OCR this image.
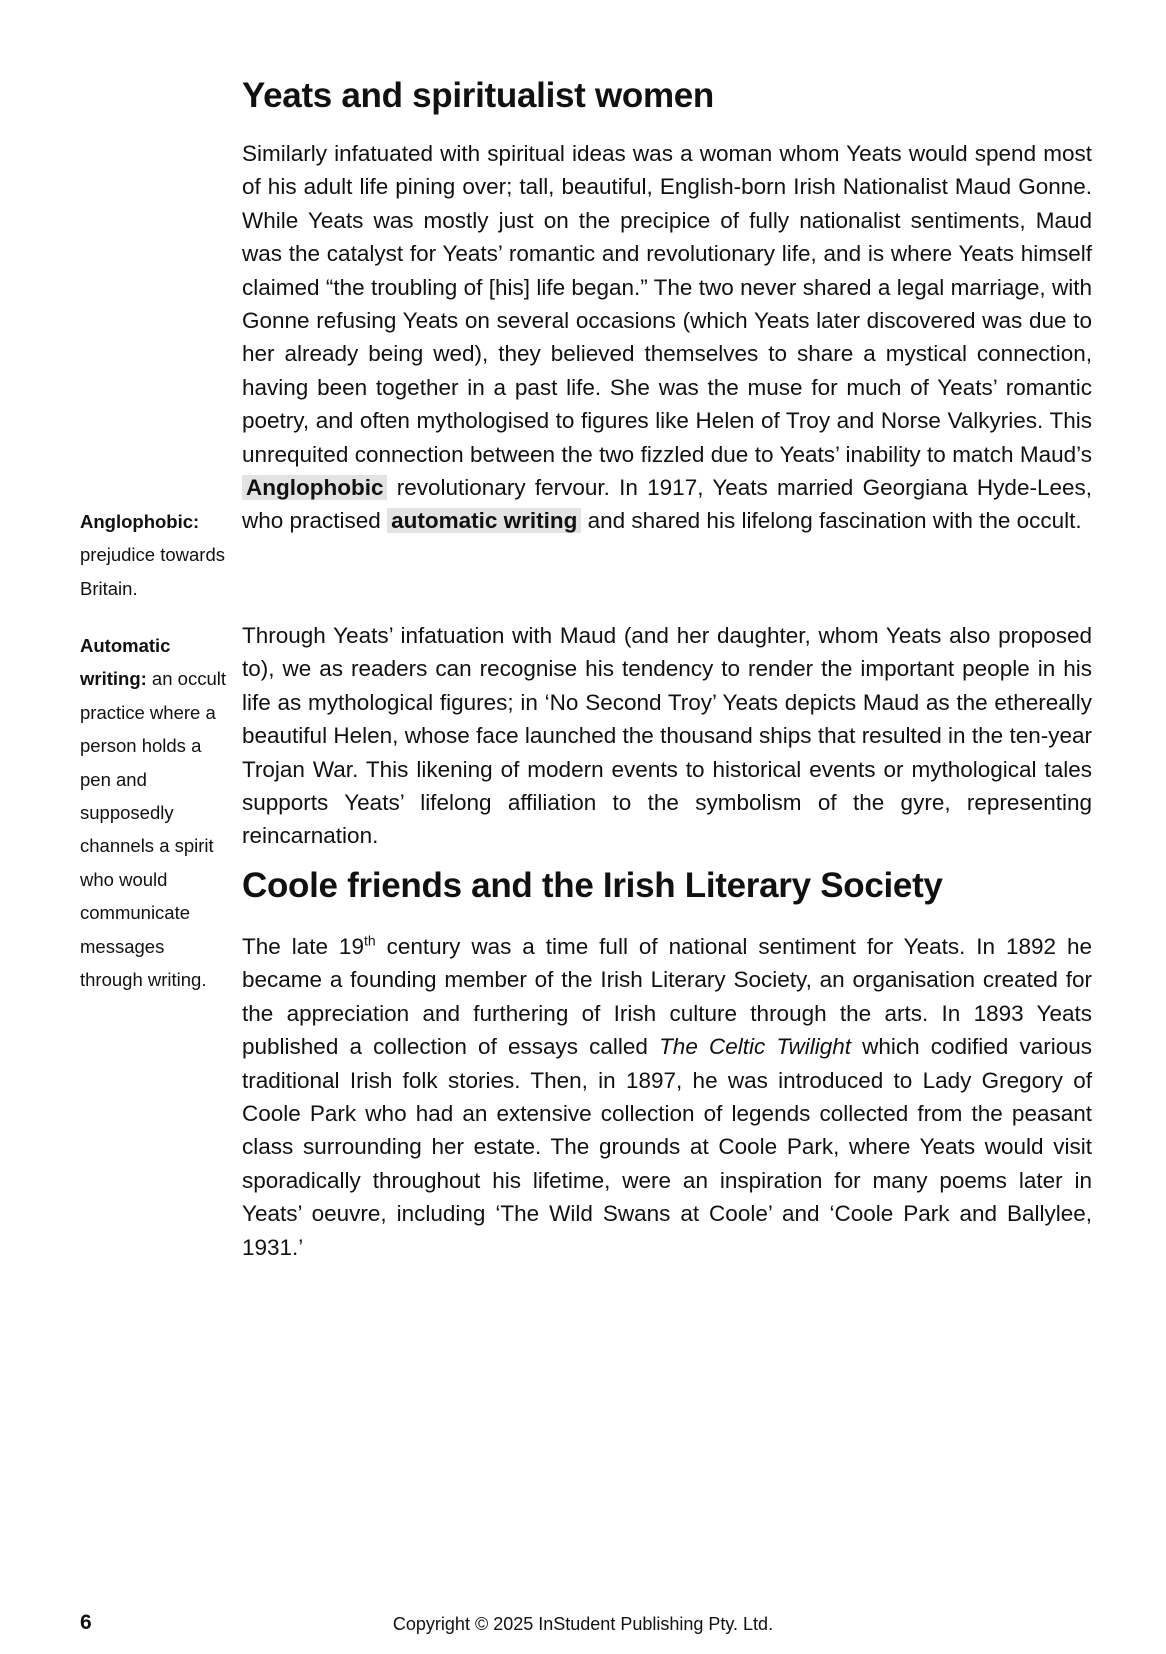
Yeats and spiritualist women

Similarly infatuated with spiritual ideas was a woman whom Yeats would spend most of his adult life pining over; tall, beautiful, English-born Irish Nationalist Maud Gonne. While Yeats was mostly just on the precipice of fully nationalist sentiments, Maud was the catalyst for Yeats’ romantic and revolutionary life, and is where Yeats himself claimed “the troubling of [his] life began.” The two never shared a legal marriage, with Gonne refusing Yeats on several occasions (which Yeats later discovered was due to her already being wed), they believed themselves to share a mystical connection, having been together in a past life. She was the muse for much of Yeats’ romantic poetry, and often mythologised to figures like Helen of Troy and Norse Valkyries. This unrequited connection between the two fizzled due to Yeats’ inability to match Maud’s Anglophobic revolutionary fervour. In 1917, Yeats married Georgiana Hyde-Lees, who practised automatic writing and shared his lifelong fascination with the occult.

Through Yeats’ infatuation with Maud (and her daughter, whom Yeats also proposed to), we as readers can recognise his tendency to render the important people in his life as mythological figures; in ‘No Second Troy’ Yeats depicts Maud as the ethereally beautiful Helen, whose face launched the thousand ships that resulted in the ten-year Trojan War. This likening of modern events to historical events or mythological tales supports Yeats’ lifelong affiliation to the symbolism of the gyre, representing reincarnation.

Coole friends and the Irish Literary Society

The late 19th century was a time full of national sentiment for Yeats. In 1892 he became a founding member of the Irish Literary Society, an organisation created for the appreciation and furthering of Irish culture through the arts. In 1893 Yeats published a collection of essays called The Celtic Twilight which codified various traditional Irish folk stories. Then, in 1897, he was introduced to Lady Gregory of Coole Park who had an extensive collection of legends collected from the peasant class surrounding her estate. The grounds at Coole Park, where Yeats would visit sporadically throughout his lifetime, were an inspiration for many poems later in Yeats’ oeuvre, including ‘The Wild Swans at Coole’ and ‘Coole Park and Ballylee, 1931.’

Anglophobic: prejudice towards Britain.

Automatic writing: an occult practice where a person holds a pen and supposedly channels a spirit who would communicate messages through writing.

6	Copyright © 2025 InStudent Publishing Pty. Ltd.
